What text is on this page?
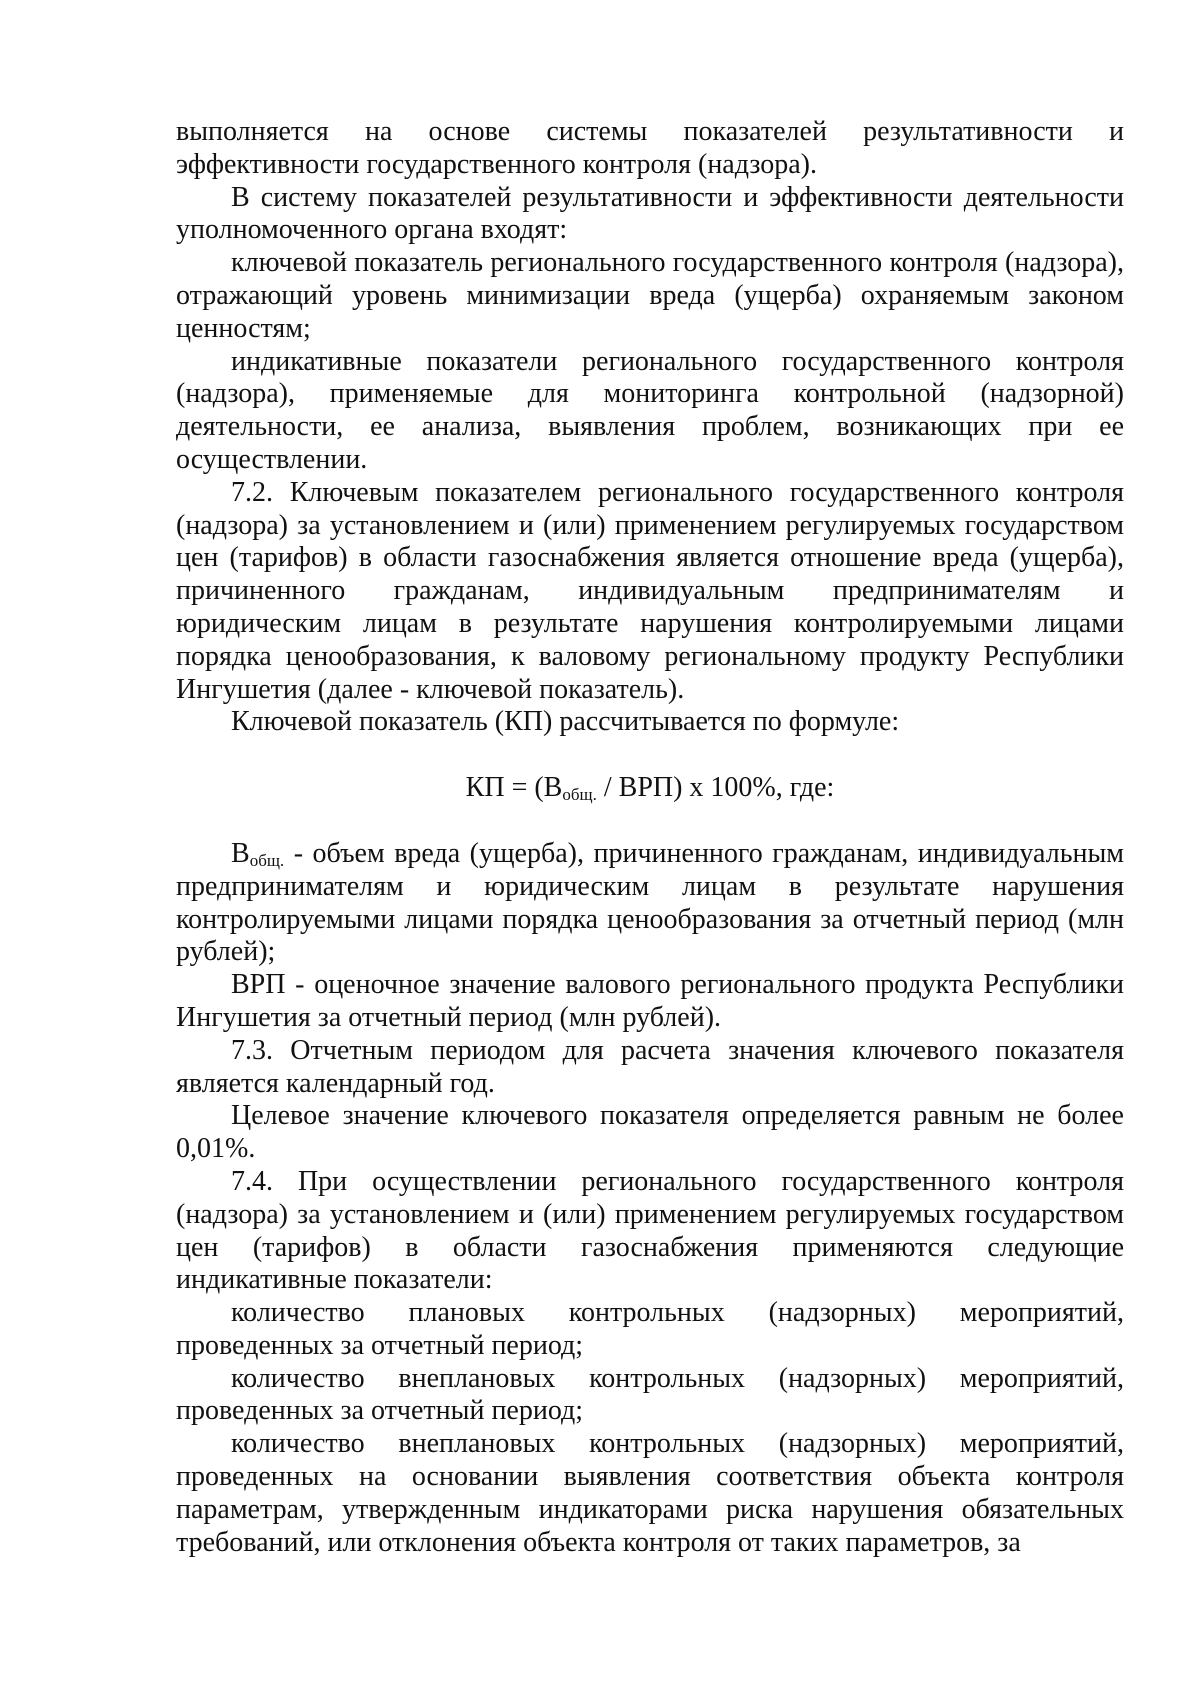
выполняется на основе системы показателей результативности и эффективности государственного контроля (надзора).

В систему показателей результативности и эффективности деятельности уполномоченного органа входят:

ключевой показатель регионального государственного контроля (надзора), отражающий уровень минимизации вреда (ущерба) охраняемым законом ценностям;

индикативные показатели регионального государственного контроля (надзора), применяемые для мониторинга контрольной (надзорной) деятельности, ее анализа, выявления проблем, возникающих при ее осуществлении.

7.2. Ключевым показателем регионального государственного контроля (надзора) за установлением и (или) применением регулируемых государством цен (тарифов) в области газоснабжения является отношение вреда (ущерба), причиненного гражданам, индивидуальным предпринимателям и юридическим лицам в результате нарушения контролируемыми лицами порядка ценообразования, к валовому региональному продукту Республики Ингушетия (далее - ключевой показатель).

Ключевой показатель (КП) рассчитывается по формуле:

КП = $(В_{общ.} / ВРП)$ x 100%, где:

$В_{общ.}$ - объем вреда (ущерба), причиненного гражданам, индивидуальным предпринимателям и юридическим лицам в результате нарушения контролируемыми лицами порядка ценообразования за отчетный период (млн рублей);

ВРП - оценочное значение валового регионального продукта Республики Ингушетия за отчетный период (млн рублей).

7.3. Отчетным периодом для расчета значения ключевого показателя является календарный год.

Целевое значение ключевого показателя определяется равным не более 0,01%.

7.4. При осуществлении регионального государственного контроля (надзора) за установлением и (или) применением регулируемых государством цен (тарифов) в области газоснабжения применяются следующие индикативные показатели:

количество плановых контрольных (надзорных) мероприятий, проведенных за отчетный период;

количество внеплановых контрольных (надзорных) мероприятий, проведенных за отчетный период;

количество внеплановых контрольных (надзорных) мероприятий, проведенных на основании выявления соответствия объекта контроля параметрам, утвержденным индикаторами риска нарушения обязательных требований, или отклонения объекта контроля от таких параметров, за
